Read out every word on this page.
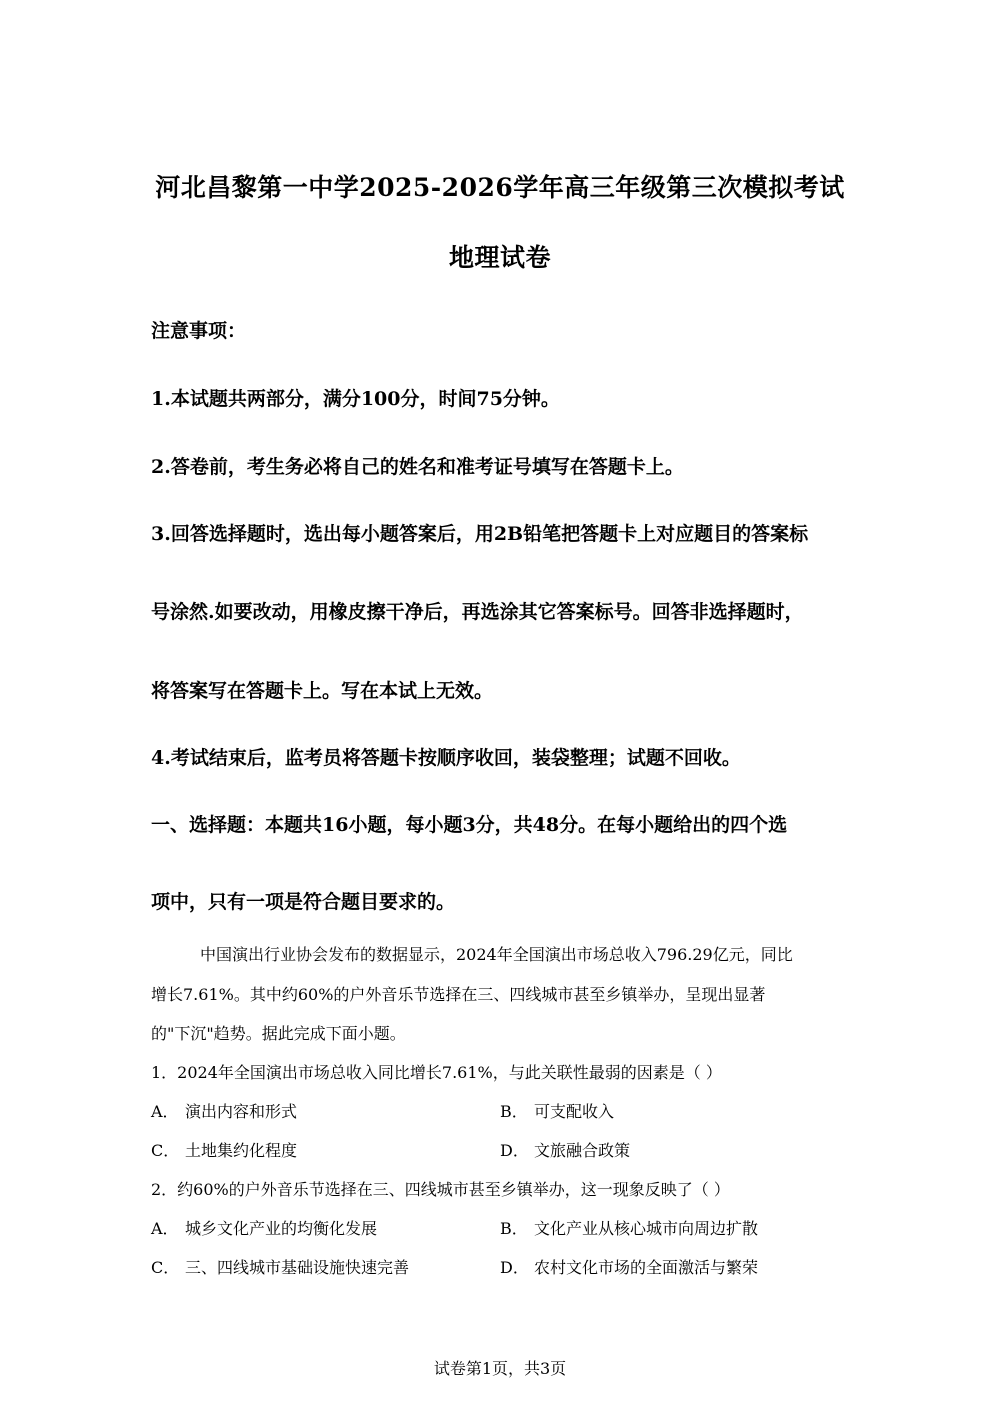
河北昌黎第一中学2025-2026学年高三年级第三次模拟考试
地理试卷
注意事项：
1.本试题共两部分，满分100分，时间75分钟。
2.答卷前，考生务必将自己的姓名和准考证号填写在答题卡上。
3.回答选择题时，选出每小题答案后，用2B铅笔把答题卡上对应题目的答案标
号涂然.如要改动，用橡皮擦干净后，再选涂其它答案标号。回答非选择题时，
将答案写在答题卡上。写在本试上无效。
4.考试结束后，监考员将答题卡按顺序收回，装袋整理；试题不回收。
一、选择题：本题共16小题，每小题3分，共48分。在每小题给出的四个选
项中，只有一项是符合题目要求的。
中国演出行业协会发布的数据显示，2024年全国演出市场总收入796.29亿元，同比
增长7.61%。其中约60%的户外音乐节选择在三、四线城市甚至乡镇举办，呈现出显著
的"下沉"趋势。据此完成下面小题。
1．2024年全国演出市场总收入同比增长7.61%，与此关联性最弱的因素是（ ）
A． 演出内容和形式	B． 可支配收入
C． 土地集约化程度	D． 文旅融合政策
2．约60%的户外音乐节选择在三、四线城市甚至乡镇举办，这一现象反映了（ ）
A． 城乡文化产业的均衡化发展	B． 文化产业从核心城市向周边扩散
C． 三、四线城市基础设施快速完善	D． 农村文化市场的全面激活与繁荣
试卷第1页，共3页
